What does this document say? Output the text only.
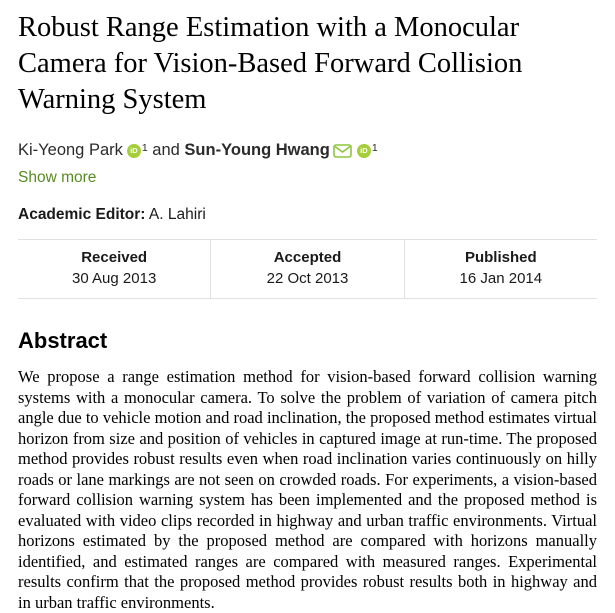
Robust Range Estimation with a Monocular Camera for Vision-Based Forward Collision Warning System
Ki-Yeong Park iD $^1$ and Sun-Young Hwang	iD $^1$
Show more
Academic Editor: A. Lahiri
Received
30 Aug 2013
Accepted
22 Oct 2013
Published
16 Jan 2014
Abstract

We propose a range estimation method for vision-based forward collision warning systems with a monocular camera. To solve the problem of variation of camera pitch angle due to vehicle motion and road inclination, the proposed method estimates virtual horizon from size and position of vehicles in captured image at run-time. The proposed method provides robust results even when road inclination varies continuously on hilly roads or lane markings are not seen on crowded roads. For experiments, a vision-based forward collision warning system has been implemented and the proposed method is evaluated with video clips recorded in highway and urban traffic environments. Virtual horizons estimated by the proposed method are compared with horizons manually identified, and estimated ranges are compared with measured ranges. Experimental results confirm that the proposed method provides robust results both in highway and in urban traffic environments.
